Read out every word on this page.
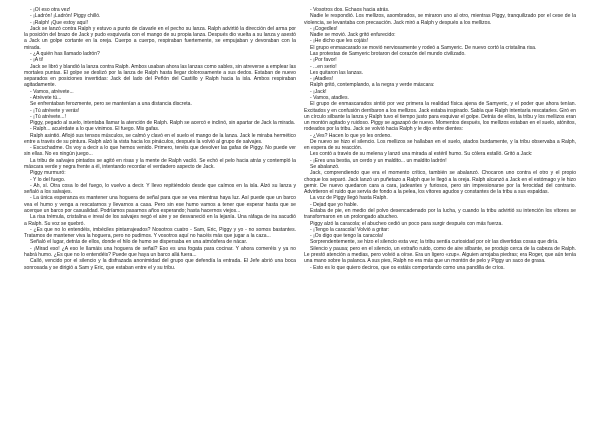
- ¡Oí eso otra vez!

- ¡Ladrón! ¡Ladrón! Piggy chilló.

- ¡Ralph! ¡Que estoy aquí!

Jack se lanzó contra Ralph y estuvo a punto de clavarle en el pecho su lanza. Ralph advirtió la dirección del arma por la posición del brazo de Jack y pudo esquivarla con el mango de su propia lanza. Después dio vuelta a su lanza y asestó a Jack un golpe cortante en la oreja. Cuerpo a cuerpo, respiraban fuertemente, se empujaban y devoraban con la mirada.

- ¿A quién has llamado ladrón?

- ¡A ti!

Jack se libró y blandió la lanza contra Ralph. Ambos usaban ahora las lanzas como sables, sin atreverse a emplear las mortales puntas. El golpe se deslizó por la lanza de Ralph hasta llegar dolorosamente a sus dedos. Estaban de nuevo separados en posiciones invertidas: Jack del lado del Peñón del Castillo y Ralph hacia la isla. Ambos respiraban agitadamente.

- Vamos, atrévete...

- Atrévete tú...

Se enfrentaban ferozmente, pero se mantenían a una distancia discreta.

- ¡Tú atrévete y verás!

- ¡Tú atrévete...!

Piggy, pegado al suelo, intentaba llamar la atención de Ralph. Ralph se acercó e inclinó, sin apartar de Jack la mirada.

- Ralph... acuérdate a lo que vinimos. El fuego. Mis gafas.

Ralph asintió. Aflojó sus tensos músculos, se calmó y clavó en el suelo el mango de la lanza. Jack le miraba hermético entre a través de su pintura. Ralph alzó la vista hacia los pináculos, después la volvió al grupo de salvajes.

- Escuchadme. Os voy a decir a lo que hemos venido. Primero, tenéis que devolver las gafas de Piggy. No puede ver sin ellas. No es ningún juego...

La tribu de salvajes pintados se agitó en risas y la mente de Ralph vaciló. Se echó el pelo hacia atrás y contempló la máscara verde y negra frente a él, intentando recordar el verdadero aspecto de Jack.

Piggy murmuró:

- Y lo del fuego.

- Ah, sí. Otra cosa lo del fuego, lo vuelvo a decir. Y llevo repitiéndolo desde que caímos en la isla. Alzó su lanza y señaló a los salvajes.

- La única esperanza es mantener una hoguera de señal para que se vea mientras haya luz. Así puede que un barco vea el humo y venga a rescatarnos y llevarnos a casa. Pero sin ese humo vamos a tener que esperar hasta que se acerque un barco por casualidad. Podríamos pasarnos años esperando; hasta hacernos viejos...

La risa trémula, cristalina e irreal de los salvajes negó el aire y se desvaneció en la lejanía. Una ráfaga de ira sacudió a Ralph. Su voz se quebró.

- ¿Es que no lo entendéis, imbéciles pintarrajeados? Nosotros cuatro - Sam, Eric, Piggy y yo - no somos bastantes. Tratamos de mantener viva la hoguera, pero no pudimos. Y vosotros aquí no hacéis más que jugar a la caza...

Señaló el lugar, detrás de ellos, donde el hilo de humo se dispersaba en una atmósfera de nácar.

- ¡Mirad eso! ¿A eso le llamáis una hoguera de señal? Eso es una fogata para cocinar. Y ahora comeréis y ya no habrá humo. ¿Es que no lo entendéis? Puede que haya un barco allá fuera...

Calló, vencido por el silencio y la disfrazada anonimidad del grupo que defendía la entrada. El Jefe abrió una boca sonrosada y se dirigió a Sam y Eric, que estaban entre el y su tribu.

- Vosotros dos. Echaos hacia atrás.

Nadie le respondió. Los mellizos, asombrados, se miraron uno al otro, mientras Piggy, tranquilizado por el cese de la violencia, se levantaba con precaución. Jack miró a Ralph y después a los mellizos.

- ¡Cogedles!

Nadie se movió. Jack gritó enfurecido:

- ¡He dicho que les cojáis!

El grupo enmascarado se movió nerviosamente y rodeó a Samyeric. De nuevo cortó la cristalina risa.

Las protestas de Samyeric brotaron del corazón del mundo civilizado.

- ¡Por favor!

- ...en serio!

Les quitaron las lanzas.

- ¡Atadles!

Ralph gritó, contemplando, a la negra y verde máscara:

- ¡Jack!

- Vamos, atadles.

El grupo de enmascarados sintió por vez primera la realidad física ajena de Samyeric, y el poder que ahora tenían. Excitados y en confusión derribaron a los mellizos. Jack estaba inspirado. Sabía que Ralph intentaría rescatarles. Giró en un círculo silbante la lanza y Ralph tuvo el tiempo justo para esquivar el golpe. Detrás de ellos, la tribu y los mellizos eran un montón agitado y ruidoso. Piggy se agazapó de nuevo. Momentos después, los mellizos estaban en el suelo, atónitos, rodeados por la tribu. Jack se volvió hacia Ralph y le dijo entre dientes:

- ¿Ves? Hacen lo que yo les ordeno.

De nuevo se hizo el silencio. Los mellizos se hallaban en el suelo, atados burdamente, y la tribu observaba a Ralph, en espera de su reacción.

Les contó a través de su melena y lanzó una mirada al estéril humo. Su cólera estalló. Gritó a Jack:

- ¡Eres una bestia, un cerdo y un maldito... un maldito ladrón!

Se abalanzó.

Jack, comprendiendo que era el momento crítico, también se abalanzó. Chocaron uno contra el otro y el propio choque los separó. Jack lanzó un puñetazo a Ralph que le llegó a la oreja. Ralph alcanzó a Jack en el estómago y le hizo gemir. De nuevo quedaron cara a cara, jadeantes y furiosos, pero sin impresionarse por la ferocidad del contrario. Advirtieron el ruido que servía de fondo a la pelea, los vítores agudos y constantes de la tribu a sus espaldas.

La voz de Piggy llegó hasta Ralph.

- Dejad que yo hable.

Estaba de pie, en medio del polvo desencadenado por la lucha, y cuando la tribu advirtió su intención los vítores se transformaron en un prolongado abucheo.

Piggy alzó la caracola; el abucheo cedió un poco para surgir después con más fuerza.

- ¡Tengo la caracola! Volvió a gritar:

- ¡Os digo que tengo la caracola!

Sorprendentemente, se hizo el silencio esta vez; la tribu sentía curiosidad por oír las divertidas cosas que diría.

Silencio y pausa; pero en el silencio, un extraño ruido, como de aire silbante, se produjo cerca de la cabeza de Ralph. Le prestó atención a medias, pero volvió a oírse. Era un ligero «zup». Alguien arrojaba piedras; era Roger, que aún tenía una mano sobre la palanca. A sus pies, Ralph no era más que un montón de pelo y Piggy un saco de grasa.

- Esto es lo que quiero deciros, que os estáis comportando como una pandilla de críos.
